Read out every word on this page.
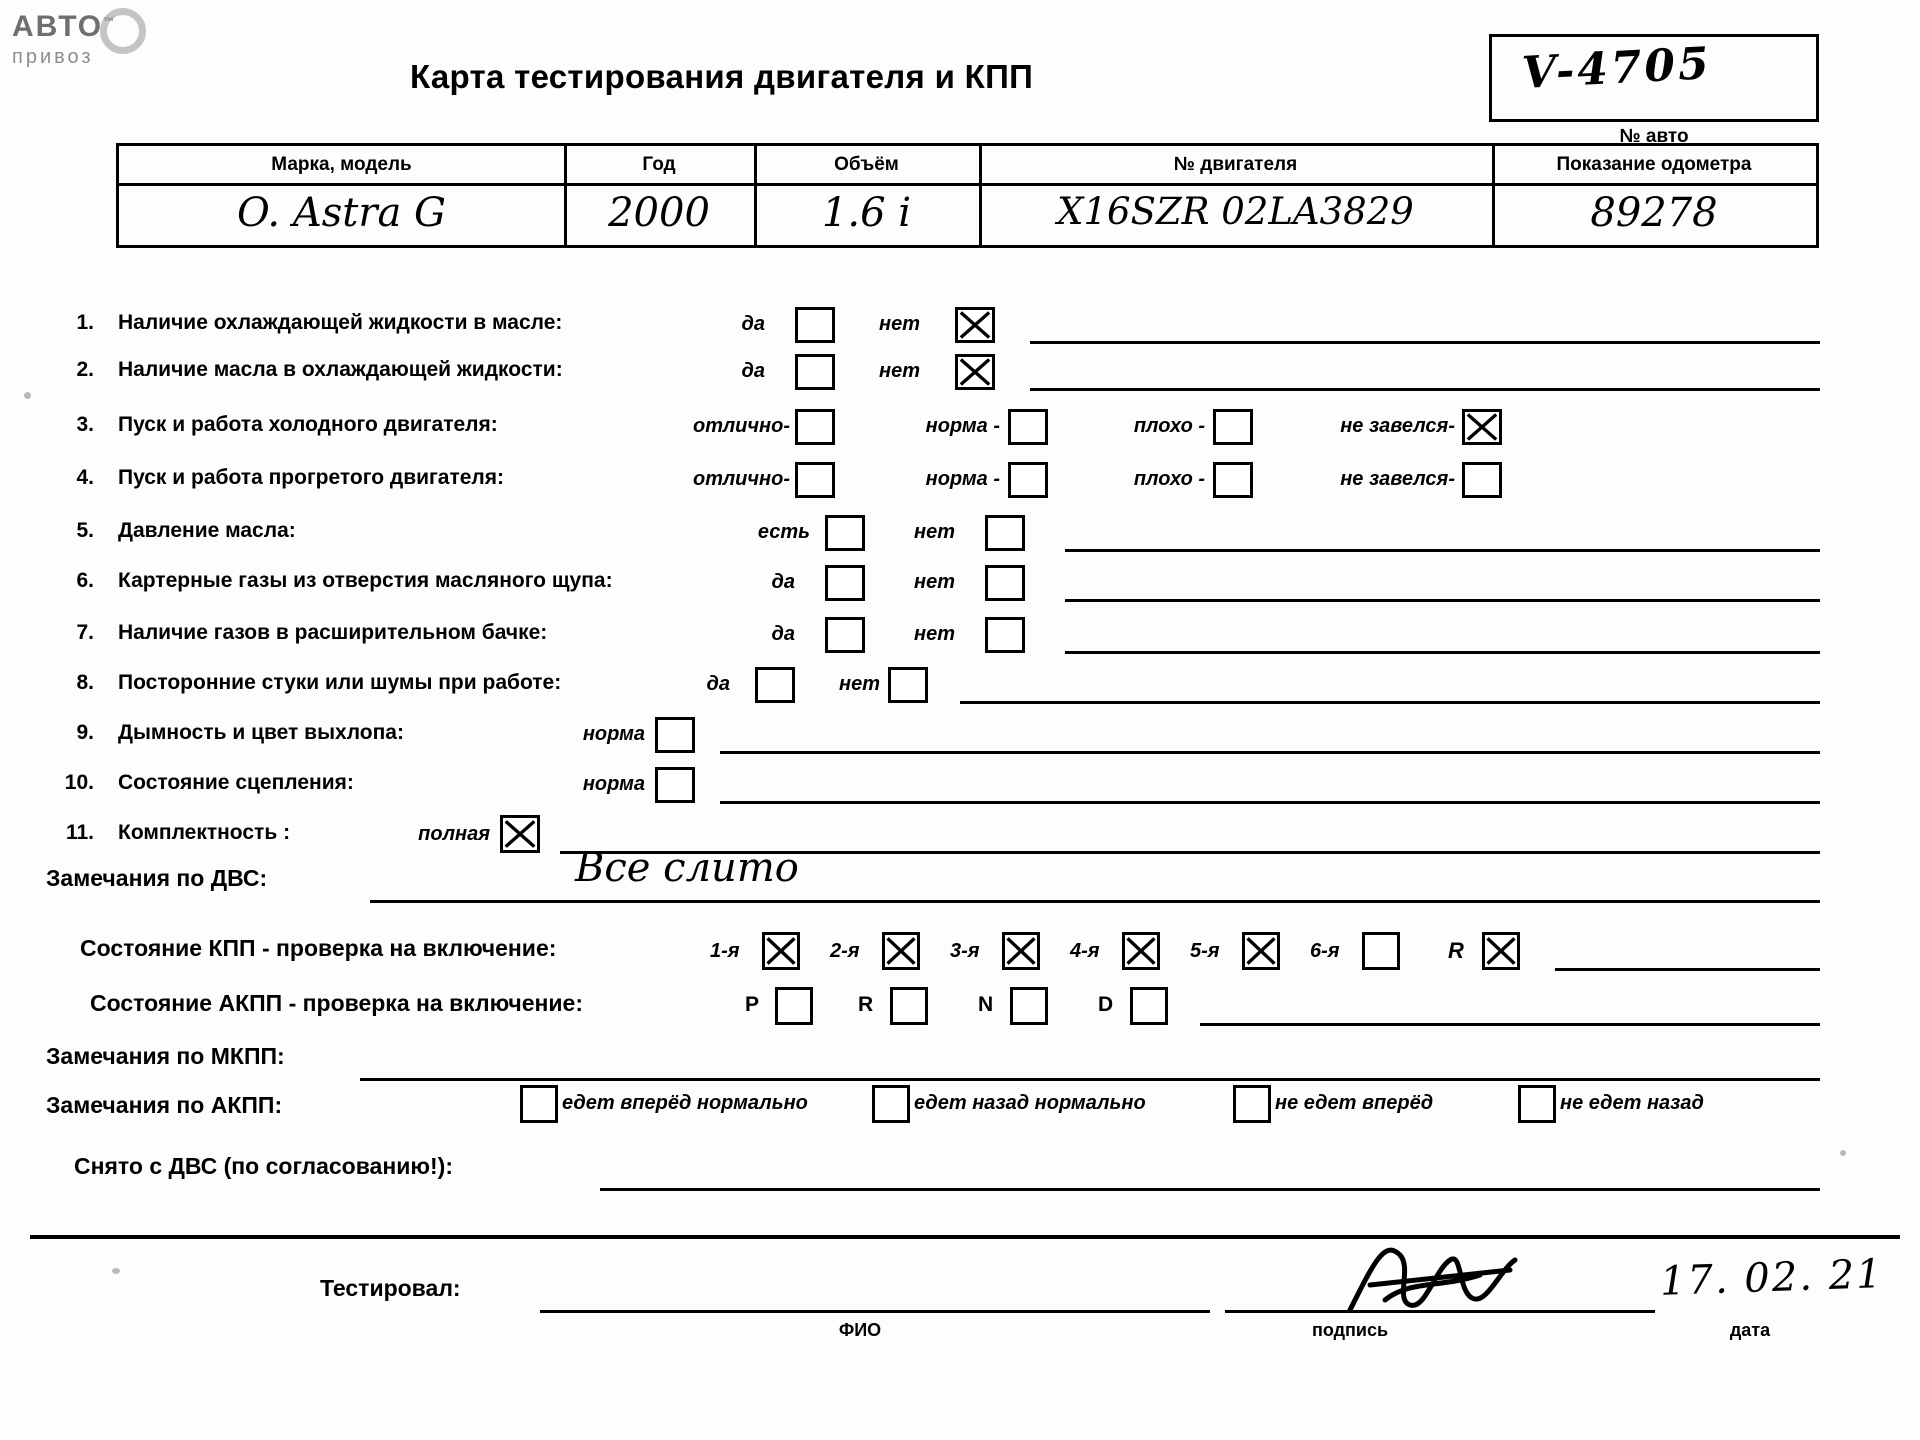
АВТО™
привоз
Карта тестирования двигателя и КПП	V-4705
№ авто
Марка, модель	Год	Объём	№ двигателя	Показание одометра
O. Astra G	2000	1.6 i	X16SZR 02LA3829	89278
1. Наличие охлаждающей жидкости в масле:	да	нет
2. Наличие масла в охлаждающей жидкости:	да	нет
3. Пуск и работа холодного двигателя:	отлично-	норма -	плохо -	не завелся-
4. Пуск и работа прогретого двигателя:	отлично-	норма -	плохо -	не завелся-
5. Давление масла:	есть	нет
6. Картерные газы из отверстия масляного щупа:	да	нет
7. Наличие газов в расширительном бачке:	да	нет
8. Посторонние стуки или шумы при работе:	да	нет
9. Дымность и цвет выхлопа:	норма
10. Состояние сцепления:	норма
11. Комплектность :	полная
Замечания по ДВС:	Все слито
Состояние КПП - проверка на включение:	1-я	2-я	3-я	4-я	5-я	6-я	R
Состояние АКПП - проверка на включение:	P	R	N	D
Замечания по МКПП:
Замечания по АКПП:	едет вперёд нормально	едет назад нормально	не едет вперёд	не едет назад
Снято с ДВС (по согласованию!):
Тестировал:
ФИО	подпись
17. 02. 21
дата
